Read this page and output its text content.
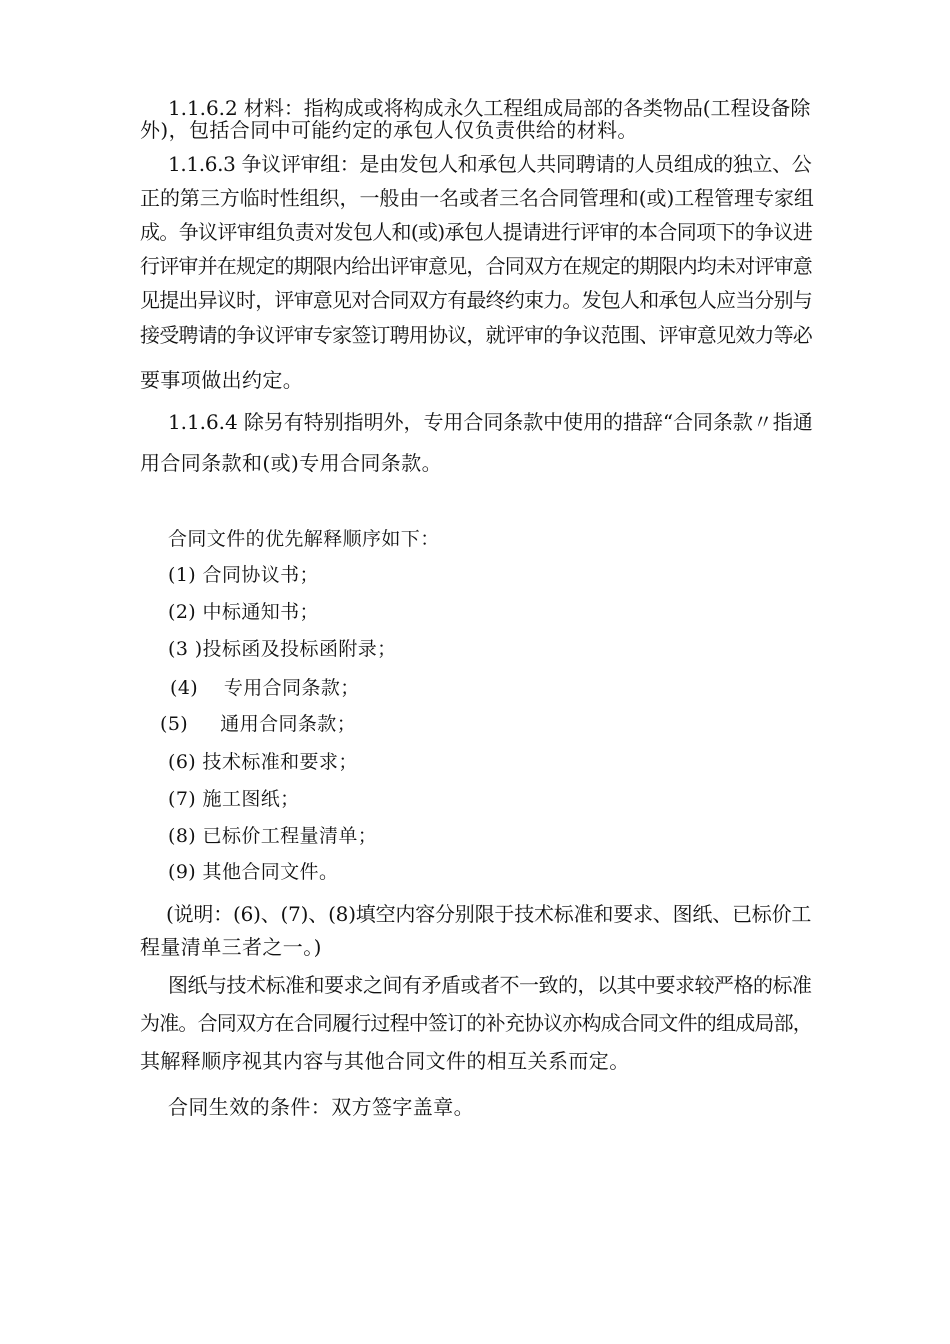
1.1.6.2 材料：指构成或将构成永久工程组成局部的各类物品(工程设备除
外)，包括合同中可能约定的承包人仅负责供给的材料。
1.1.6.3 争议评审组：是由发包人和承包人共同聘请的人员组成的独立、公
正的第三方临时性组织，一般由一名或者三名合同管理和(或)工程管理专家组
成。争议评审组负责对发包人和(或)承包人提请进行评审的本合同项下的争议进
行评审并在规定的期限内给出评审意见，合同双方在规定的期限内均未对评审意
见提出异议时，评审意见对合同双方有最终约束力。发包人和承包人应当分别与
接受聘请的争议评审专家签订聘用协议，就评审的争议范围、评审意见效力等必
要事项做出约定。
1.1.6.4 除另有特别指明外，专用合同条款中使用的措辞“合同条款〃指通
用合同条款和(或)专用合同条款。
合同文件的优先解释顺序如下：
(1) 合同协议书；
(2) 中标通知书；
(3 )投标函及投标函附录；
(4)    专用合同条款；
(5)     通用合同条款；
(6) 技术标准和要求；
(7) 施工图纸；
(8) 已标价工程量清单；
(9) 其他合同文件。
(说明：(6)、(7)、(8)填空内容分别限于技术标准和要求、图纸、已标价工
程量清单三者之一。)
图纸与技术标准和要求之间有矛盾或者不一致的，以其中要求较严格的标准
为准。合同双方在合同履行过程中签订的补充协议亦构成合同文件的组成局部，
其解释顺序视其内容与其他合同文件的相互关系而定。
合同生效的条件：双方签字盖章。
